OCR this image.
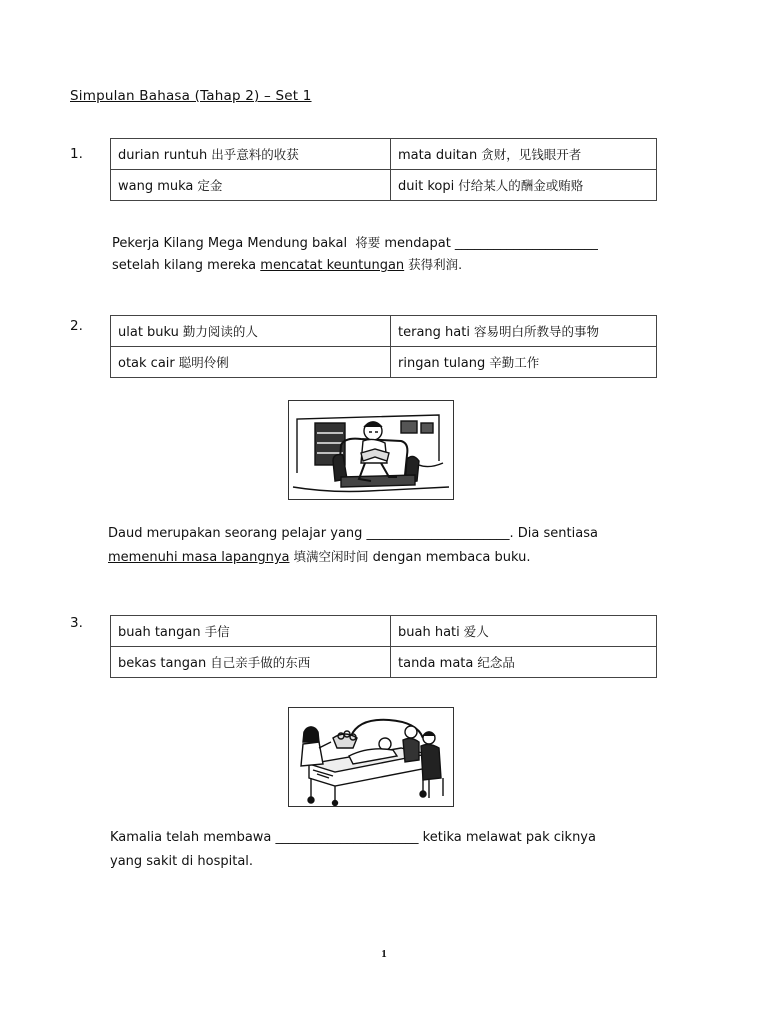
Simpulan Bahasa (Tahap 2) – Set 1
1.	durian runtuh 出乎意料的收获	mata duitan 贪财，见钱眼开者
wang muka 定金	duit kopi 付给某人的酬金或贿赂
Pekerja Kilang Mega Mendung bakal 将要 mendapat ______________________
setelah kilang mereka mencatat keuntungan 获得利润.
2.	ulat buku 勤力阅读的人	terang hati 容易明白所教导的事物
otak cair 聪明伶俐	ringan tulang 辛勤工作
Daud merupakan seorang pelajar yang ______________________. Dia sentiasa
memenuhi masa lapangnya 填满空闲时间 dengan membaca buku.
3.
buah tangan 手信	buah hati 爱人
bekas tangan 自己亲手做的东西	tanda mata 纪念品
Kamalia telah membawa ______________________ ketika melawat pak ciknya
yang sakit di hospital.
1
